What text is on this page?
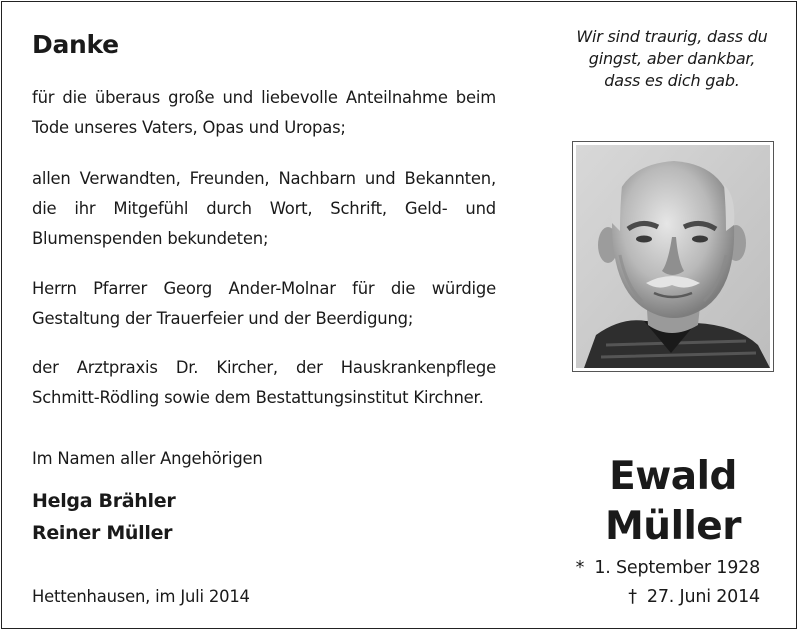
Danke
für die überaus große und liebevolle Anteilnahme beim Tode unseres Vaters, Opas und Uropas;
allen Verwandten, Freunden, Nachbarn und Bekannten, die ihr Mitgefühl durch Wort, Schrift, Geld- und Blumenspenden bekundeten;
Herrn Pfarrer Georg Ander-Molnar für die würdige Gestaltung der Trauerfeier und der Beerdigung;
der Arztpraxis Dr. Kircher, der Hauskrankenpflege Schmitt-Rödling sowie dem Bestattungsinstitut Kirchner.
Im Namen aller Angehörigen
Helga Brähler
Reiner Müller
Hettenhausen, im Juli 2014
Wir sind traurig, dass du
gingst, aber dankbar,
dass es dich gab.
Ewald
Müller
* 1. September 1928
† 27. Juni 2014
